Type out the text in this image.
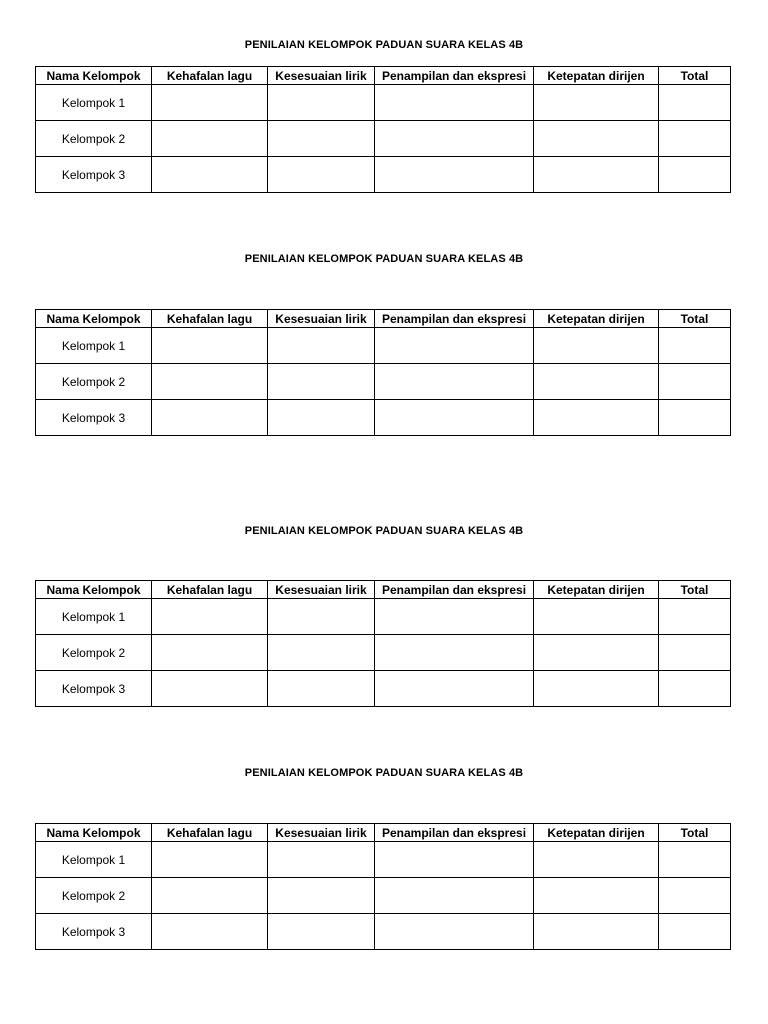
PENILAIAN KELOMPOK PADUAN SUARA KELAS 4B
Nama Kelompok	Kehafalan lagu	Kesesuaian lirik	Penampilan dan ekspresi	Ketepatan dirijen	Total
Kelompok 1					
Kelompok 2					
Kelompok 3					
PENILAIAN KELOMPOK PADUAN SUARA KELAS 4B
Nama Kelompok	Kehafalan lagu	Kesesuaian lirik	Penampilan dan ekspresi	Ketepatan dirijen	Total
Kelompok 1					
Kelompok 2					
Kelompok 3					
PENILAIAN KELOMPOK PADUAN SUARA KELAS 4B
Nama Kelompok	Kehafalan lagu	Kesesuaian lirik	Penampilan dan ekspresi	Ketepatan dirijen	Total
Kelompok 1					
Kelompok 2					
Kelompok 3					
PENILAIAN KELOMPOK PADUAN SUARA KELAS 4B
Nama Kelompok	Kehafalan lagu	Kesesuaian lirik	Penampilan dan ekspresi	Ketepatan dirijen	Total
Kelompok 1					
Kelompok 2					
Kelompok 3					
